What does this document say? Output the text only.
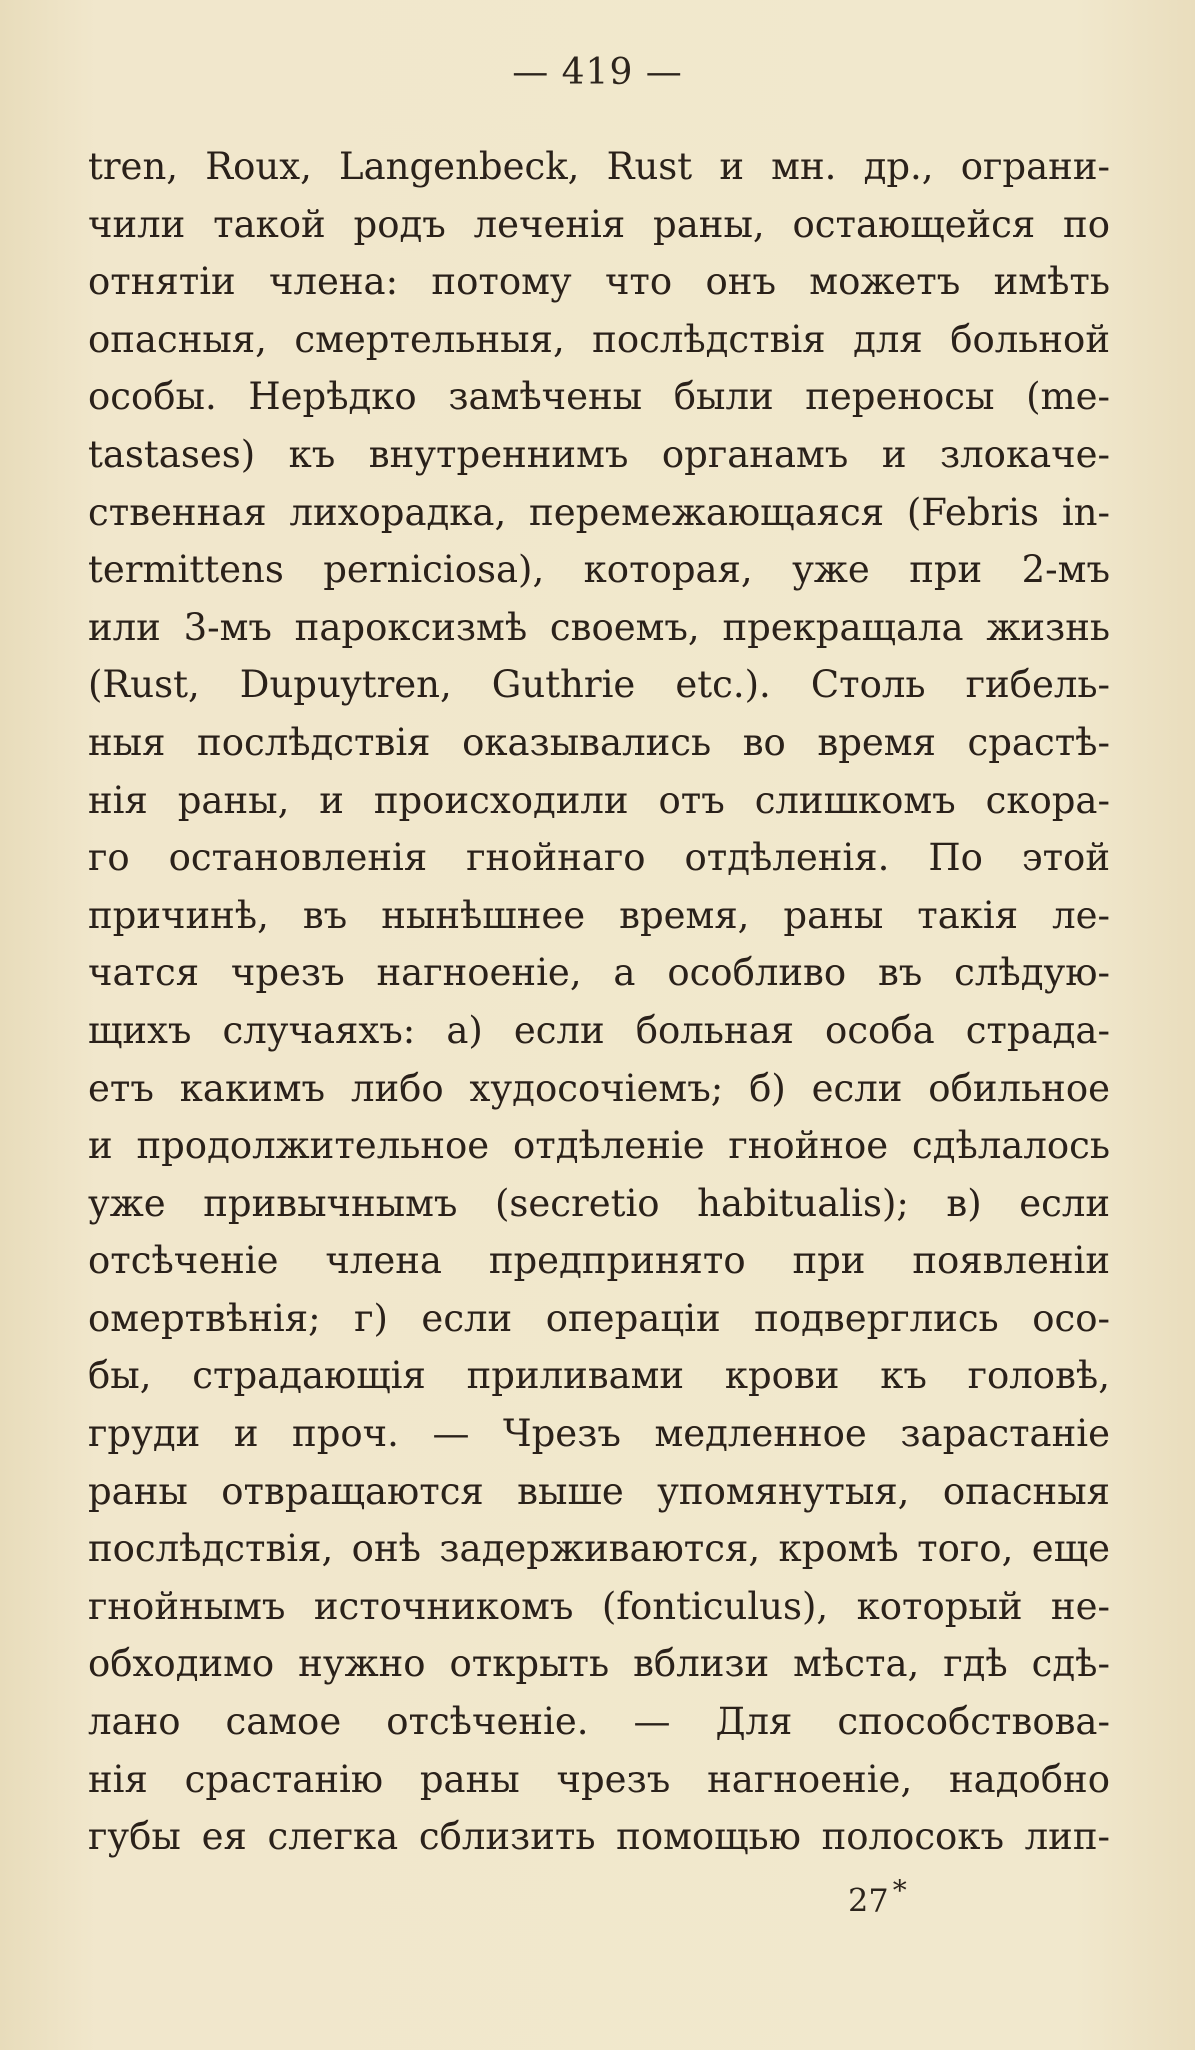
— 419 —
tren, Roux, Langenbeck, Rust и мн. др., ограни-
чили такой родъ леченія раны, остающейся по
отнятіи члена: потому что онъ можетъ имѣть
опасныя, смертельныя, послѣдствія для больной
особы. Нерѣдко замѣчены были переносы (me-
tastases) къ внутреннимъ органамъ и злокаче-
ственная лихорадка, перемежающаяся (Febris in-
termittens perniciosa), которая, уже при 2-мъ
или 3-мъ пароксизмѣ своемъ, прекращала жизнь
(Rust, Dupuytren, Guthrie etc.). Столь гибель-
ныя послѣдствія оказывались во время срастѣ-
нія раны, и происходили отъ слишкомъ скора-
го остановленія гнойнаго отдѣленія. По этой
причинѣ, въ нынѣшнее время, раны такія ле-
чатся чрезъ нагноеніе, а особливо въ слѣдую-
щихъ случаяхъ: а) если больная особа страда-
етъ какимъ либо худосочіемъ; б) если обильное
и продолжительное отдѣленіе гнойное сдѣлалось
уже привычнымъ (secretio habitualis); в) если
отсѣченіе члена предпринято при появленіи
омертвѣнія; г) если операціи подверглись осо-
бы, страдающія приливами крови къ головѣ,
груди и проч. — Чрезъ медленное зарастаніе
раны отвращаются выше упомянутыя, опасныя
послѣдствія, онѣ задерживаются, кромѣ того, еще
гнойнымъ источникомъ (fonticulus), который не-
обходимо нужно открыть вблизи мѣста, гдѣ сдѣ-
лано самое отсѣченіе. — Для способствова-
нія срастанію раны чрезъ нагноеніе, надобно
губы ея слегка сблизить помощью полосокъ лип-
27 *
